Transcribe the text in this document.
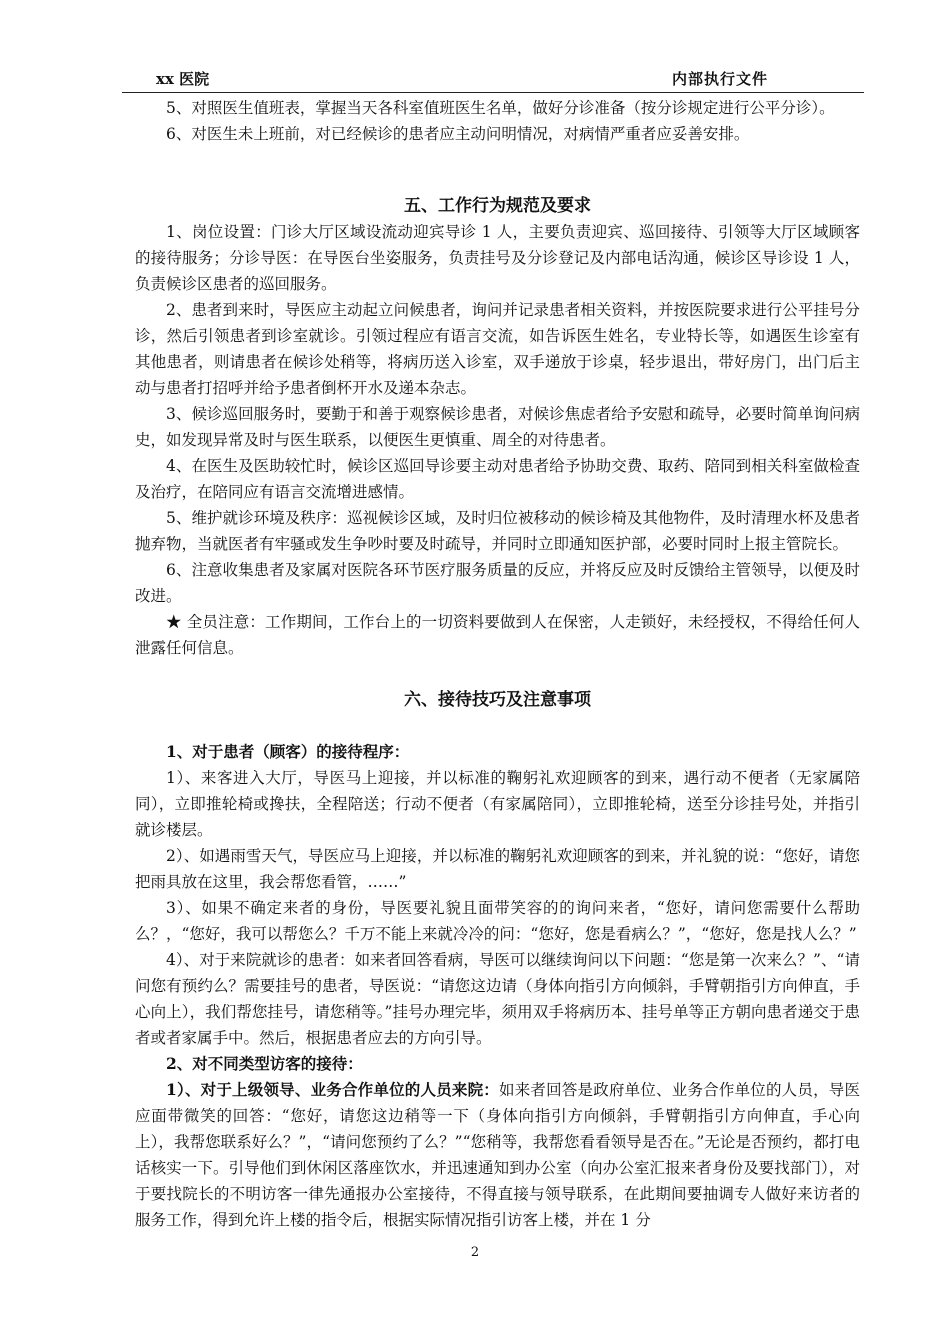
xx 医院	内部执行文件

5、对照医生值班表，掌握当天各科室值班医生名单，做好分诊准备（按分诊规定进行公平分诊）。

6、对医生未上班前，对已经候诊的患者应主动问明情况，对病情严重者应妥善安排。

五、工作行为规范及要求

1、岗位设置：门诊大厅区域设流动迎宾导诊 1 人，主要负责迎宾、巡回接待、引领等大厅区域顾客的接待服务；分诊导医：在导医台坐姿服务，负责挂号及分诊登记及内部电话沟通，候诊区导诊设 1 人，负责候诊区患者的巡回服务。

2、患者到来时，导医应主动起立问候患者，询问并记录患者相关资料，并按医院要求进行公平挂号分诊，然后引领患者到诊室就诊。引领过程应有语言交流，如告诉医生姓名，专业特长等，如遇医生诊室有其他患者，则请患者在候诊处稍等，将病历送入诊室，双手递放于诊桌，轻步退出，带好房门，出门后主动与患者打招呼并给予患者倒杯开水及递本杂志。

3、候诊巡回服务时，要勤于和善于观察候诊患者，对候诊焦虑者给予安慰和疏导，必要时简单询问病史，如发现异常及时与医生联系，以便医生更慎重、周全的对待患者。

4、在医生及医助较忙时，候诊区巡回导诊要主动对患者给予协助交费、取药、陪同到相关科室做检查及治疗，在陪同应有语言交流增进感情。

5、维护就诊环境及秩序：巡视候诊区域，及时归位被移动的候诊椅及其他物件，及时清理水杯及患者抛弃物，当就医者有牢骚或发生争吵时要及时疏导，并同时立即通知医护部，必要时同时上报主管院长。

6、注意收集患者及家属对医院各环节医疗服务质量的反应，并将反应及时反馈给主管领导，以便及时改进。

★ 全员注意：工作期间，工作台上的一切资料要做到人在保密，人走锁好，未经授权，不得给任何人泄露任何信息。

六、接待技巧及注意事项

1、对于患者（顾客）的接待程序：

1）、来客进入大厅，导医马上迎接，并以标准的鞠躬礼欢迎顾客的到来，遇行动不便者（无家属陪同），立即推轮椅或搀扶，全程陪送；行动不便者（有家属陪同），立即推轮椅，送至分诊挂号处，并指引就诊楼层。

2）、如遇雨雪天气，导医应马上迎接，并以标准的鞠躬礼欢迎顾客的到来，并礼貌的说：“您好，请您把雨具放在这里，我会帮您看管，……”

3）、如果不确定来者的身份，导医要礼貌且面带笑容的的询问来者，“您好，请问您需要什么帮助么？，“您好，我可以帮您么？千万不能上来就冷冷的问：“您好，您是看病么？”，“您好，您是找人么？”

4）、对于来院就诊的患者：如来者回答看病，导医可以继续询问以下问题：“您是第一次来么？”、“请问您有预约么？需要挂号的患者，导医说：“请您这边请（身体向指引方向倾斜，手臂朝指引方向伸直，手心向上），我们帮您挂号，请您稍等。”挂号办理完毕，须用双手将病历本、挂号单等正方朝向患者递交于患者或者家属手中。然后，根据患者应去的方向引导。

2、对不同类型访客的接待：

1）、对于上级领导、业务合作单位的人员来院：如来者回答是政府单位、业务合作单位的人员，导医应面带微笑的回答：“您好，请您这边稍等一下（身体向指引方向倾斜，手臂朝指引方向伸直，手心向上），我帮您联系好么？”，“请问您预约了么？”“您稍等，我帮您看看领导是否在。”无论是否预约，都打电话核实一下。引导他们到休闲区落座饮水，并迅速通知到办公室（向办公室汇报来者身份及要找部门），对于要找院长的不明访客一律先通报办公室接待，不得直接与领导联系，在此期间要抽调专人做好来访者的服务工作，得到允许上楼的指令后，根据实际情况指引访客上楼，并在 1 分

2
